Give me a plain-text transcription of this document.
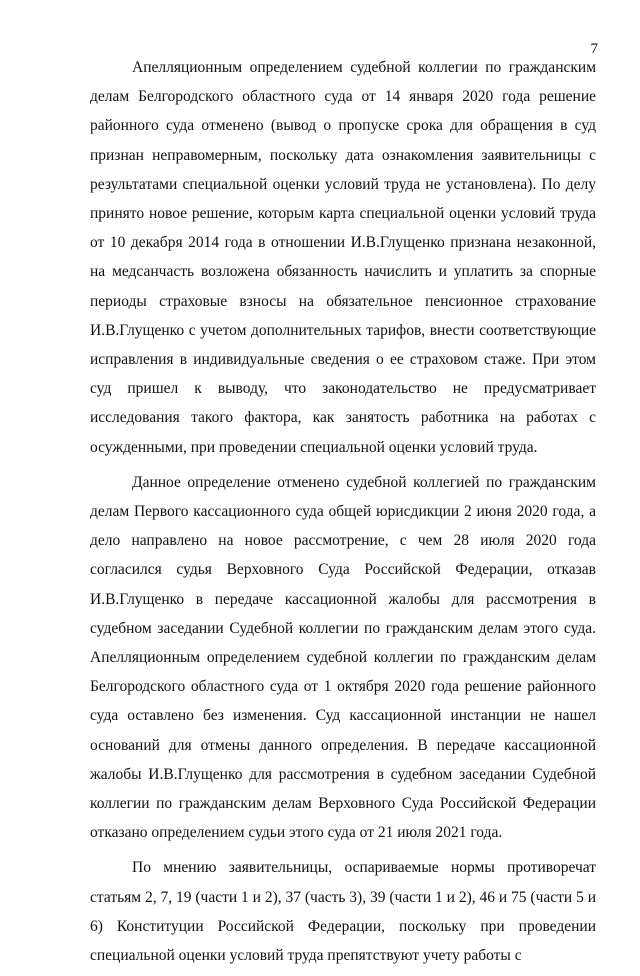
7

Апелляционным определением судебной коллегии по гражданским делам Белгородского областного суда от 14 января 2020 года решение районного суда отменено (вывод о пропуске срока для обращения в суд признан неправомерным, поскольку дата ознакомления заявительницы с результатами специальной оценки условий труда не установлена). По делу принято новое решение, которым карта специальной оценки условий труда от 10 декабря 2014 года в отношении И.В.Глущенко признана незаконной, на медсанчасть возложена обязанность начислить и уплатить за спорные периоды страховые взносы на обязательное пенсионное страхование И.В.Глущенко с учетом дополнительных тарифов, внести соответствующие исправления в индивидуальные сведения о ее страховом стаже. При этом суд пришел к выводу, что законодательство не предусматривает исследования такого фактора, как занятость работника на работах с осужденными, при проведении специальной оценки условий труда.

Данное определение отменено судебной коллегией по гражданским делам Первого кассационного суда общей юрисдикции 2 июня 2020 года, а дело направлено на новое рассмотрение, с чем 28 июля 2020 года согласился судья Верховного Суда Российской Федерации, отказав И.В.Глущенко в передаче кассационной жалобы для рассмотрения в судебном заседании Судебной коллегии по гражданским делам этого суда. Апелляционным определением судебной коллегии по гражданским делам Белгородского областного суда от 1 октября 2020 года решение районного суда оставлено без изменения. Суд кассационной инстанции не нашел оснований для отмены данного определения. В передаче кассационной жалобы И.В.Глущенко для рассмотрения в судебном заседании Судебной коллегии по гражданским делам Верховного Суда Российской Федерации отказано определением судьи этого суда от 21 июля 2021 года.

По мнению заявительницы, оспариваемые нормы противоречат статьям 2, 7, 19 (части 1 и 2), 37 (часть 3), 39 (части 1 и 2), 46 и 75 (части 5 и 6) Конституции Российской Федерации, поскольку при проведении специальной оценки условий труда препятствуют учету работы с
